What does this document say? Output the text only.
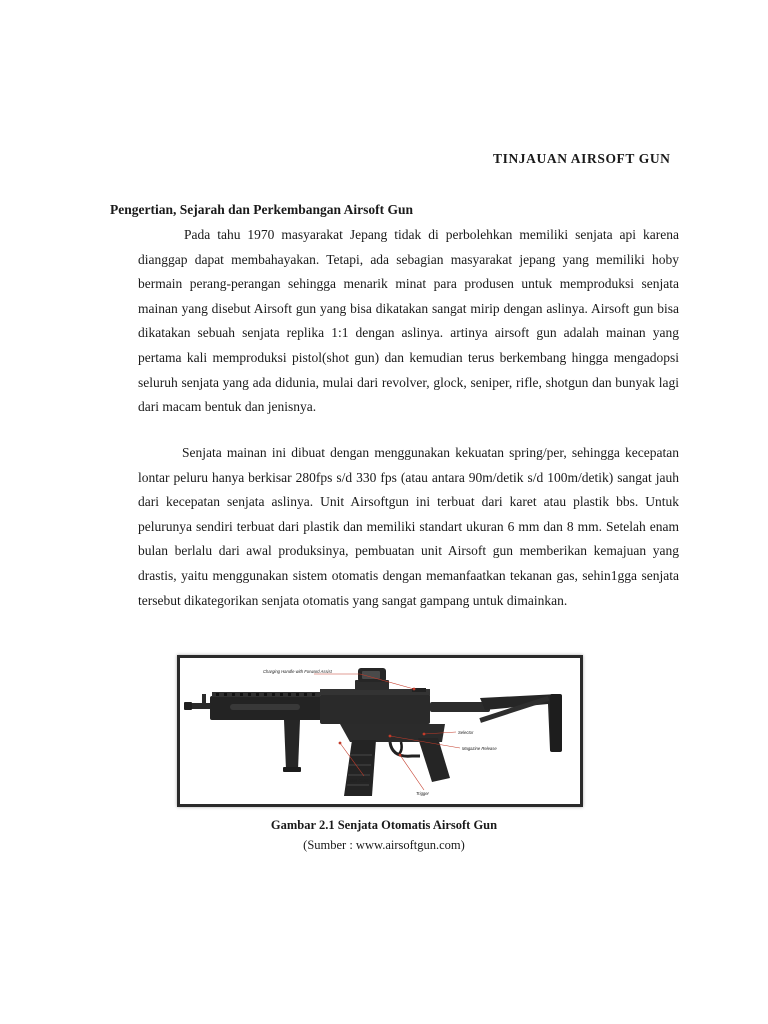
TINJAUAN AIRSOFT GUN
Pengertian, Sejarah dan Perkembangan Airsoft Gun

Pada tahu 1970 masyarakat Jepang tidak di perbolehkan memiliki senjata api karena dianggap dapat membahayakan. Tetapi, ada sebagian masyarakat jepang yang memiliki hoby bermain perang-perangan sehingga menarik minat para produsen untuk memproduksi senjata mainan yang disebut Airsoft gun yang bisa dikatakan sangat mirip dengan aslinya. Airsoft gun bisa dikatakan sebuah senjata replika 1:1 dengan aslinya. artinya airsoft gun adalah mainan yang pertama kali memproduksi pistol(shot gun) dan kemudian terus berkembang hingga mengadopsi seluruh senjata yang ada didunia, mulai dari revolver, glock, seniper, rifle, shotgun dan bunyak lagi dari macam bentuk dan jenisnya.

Senjata mainan ini dibuat dengan menggunakan kekuatan spring/per, sehingga kecepatan lontar peluru hanya berkisar 280fps s/d 330 fps (atau antara 90m/detik s/d 100m/detik) sangat jauh dari kecepatan senjata aslinya. Unit Airsoftgun ini terbuat dari karet atau plastik bbs. Untuk pelurunya sendiri terbuat dari plastik dan memiliki standart ukuran 6 mm dan 8 mm. Setelah enam bulan berlalu dari awal produksinya, pembuatan unit Airsoft gun memberikan kemajuan yang drastis, yaitu menggunakan sistem otomatis dengan memanfaatkan tekanan gas, sehin1gga senjata tersebut dikategorikan senjata otomatis yang sangat gampang untuk dimainkan.

Charging Handle with Forward Assist
Selector
Magazine Release
Bolt Catch
Trigger
Gambar 2.1 Senjata Otomatis Airsoft Gun
(Sumber : www.airsoftgun.com)
